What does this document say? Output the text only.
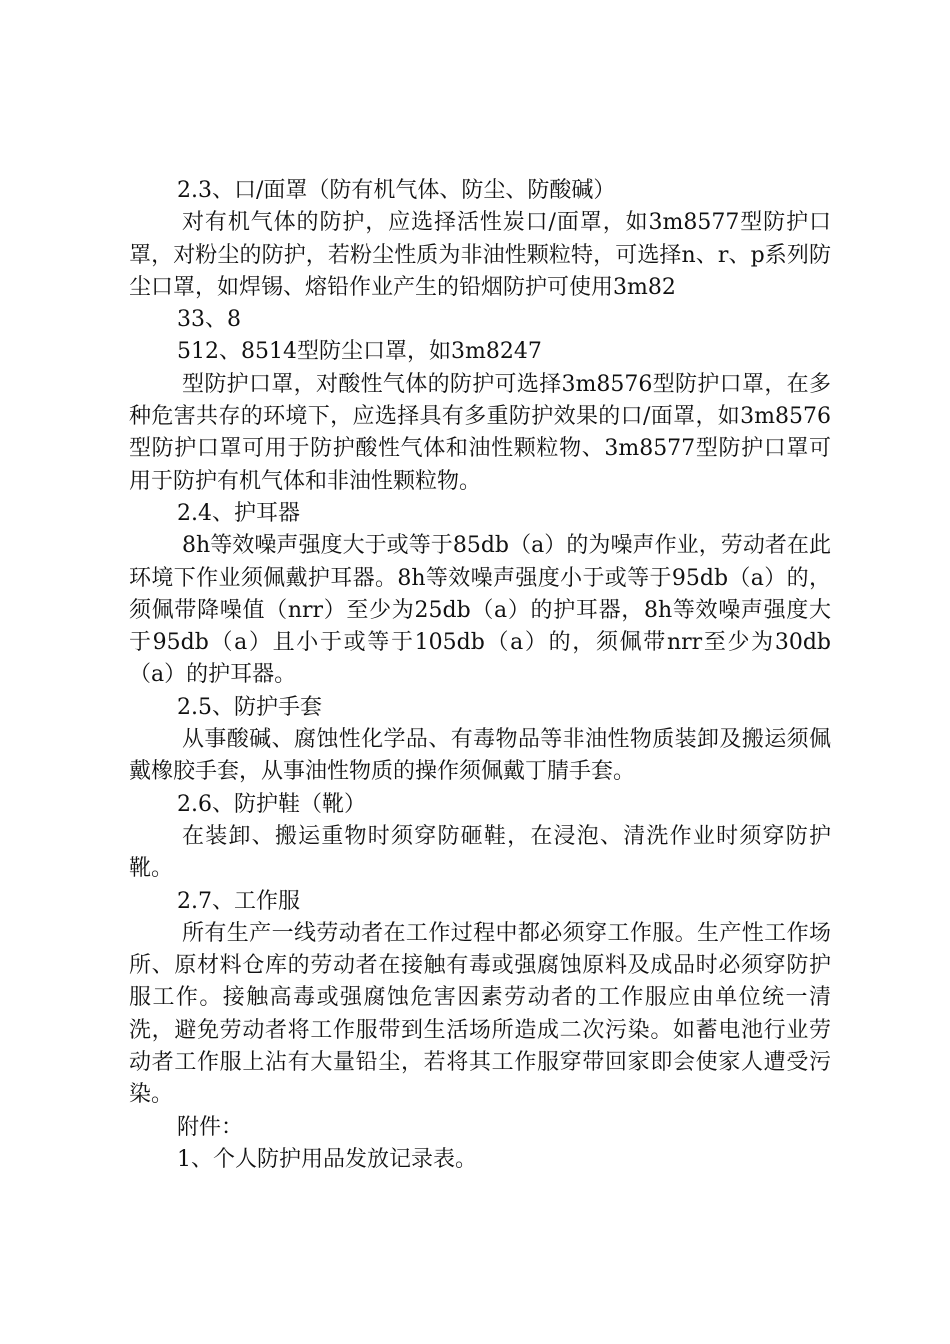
2.3、口/面罩（防有机气体、防尘、防酸碱）

对有机气体的防护，应选择活性炭口/面罩，如3m8577型防护口罩，对粉尘的防护，若粉尘性质为非油性颗粒特，可选择n、r、p系列防尘口罩，如焊锡、熔铅作业产生的铅烟防护可使用3m82

33、8

512、8514型防尘口罩，如3m8247

型防护口罩，对酸性气体的防护可选择3m8576型防护口罩，在多种危害共存的环境下，应选择具有多重防护效果的口/面罩，如3m8576型防护口罩可用于防护酸性气体和油性颗粒物、3m8577型防护口罩可用于防护有机气体和非油性颗粒物。

2.4、护耳器

8h等效噪声强度大于或等于85db（a）的为噪声作业，劳动者在此环境下作业须佩戴护耳器。8h等效噪声强度小于或等于95db（a）的，须佩带降噪值（nrr）至少为25db（a）的护耳器，8h等效噪声强度大于95db（a）且小于或等于105db（a）的，须佩带nrr至少为30db（a）的护耳器。

2.5、防护手套

从事酸碱、腐蚀性化学品、有毒物品等非油性物质装卸及搬运须佩戴橡胶手套，从事油性物质的操作须佩戴丁腈手套。

2.6、防护鞋（靴）

在装卸、搬运重物时须穿防砸鞋，在浸泡、清洗作业时须穿防护靴。

2.7、工作服

所有生产一线劳动者在工作过程中都必须穿工作服。生产性工作场所、原材料仓库的劳动者在接触有毒或强腐蚀原料及成品时必须穿防护服工作。接触高毒或强腐蚀危害因素劳动者的工作服应由单位统一清洗，避免劳动者将工作服带到生活场所造成二次污染。如蓄电池行业劳动者工作服上沾有大量铅尘，若将其工作服穿带回家即会使家人遭受污染。

附件：

1、个人防护用品发放记录表。
